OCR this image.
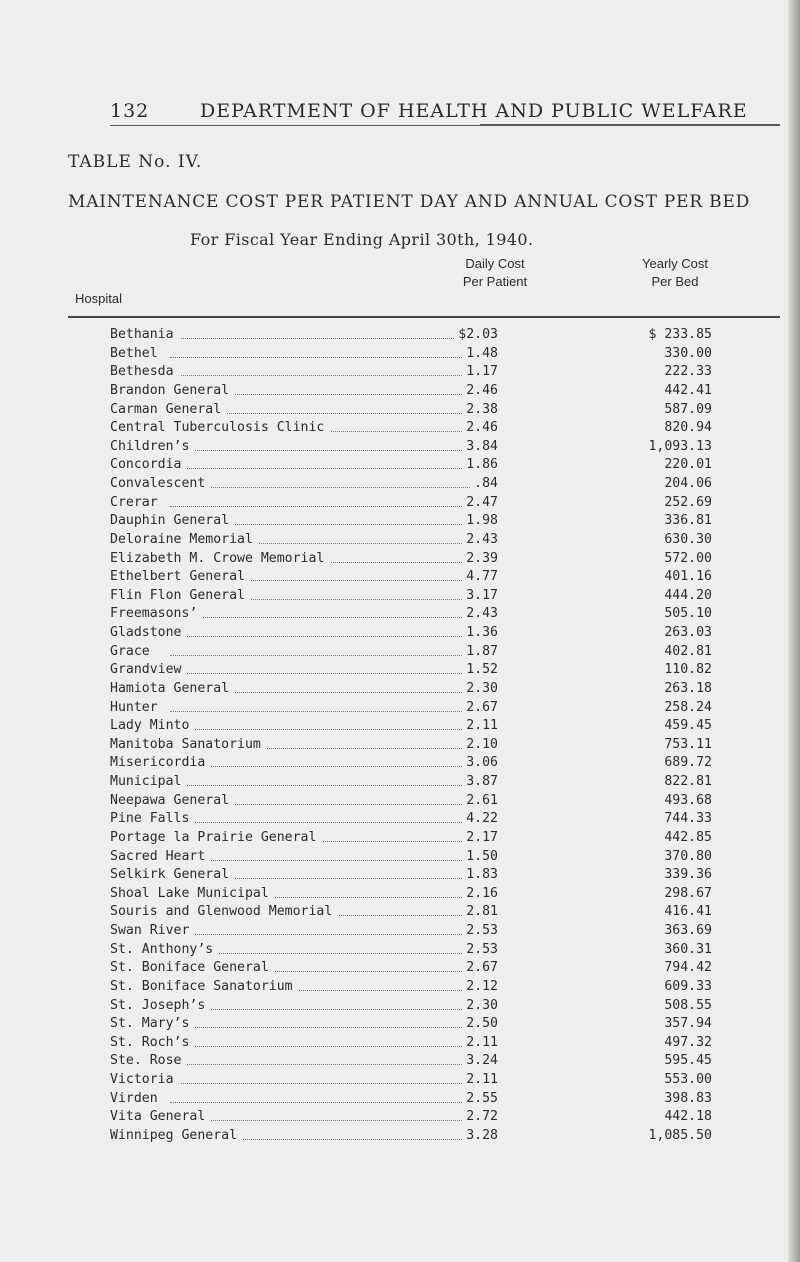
132	DEPARTMENT OF HEALTH AND PUBLIC WELFARE
TABLE No. IV.
MAINTENANCE COST PER PATIENT DAY AND ANNUAL COST PER BED
For Fiscal Year Ending April 30th, 1940.
Hospital
Daily Cost
Per Patient
Yearly Cost
Per Bed
Bethania	$2.03	$ 233.85
Bethel	1.48	330.00
Bethesda	1.17	222.33
Brandon General	2.46	442.41
Carman General	2.38	587.09
Central Tuberculosis Clinic	2.46	820.94
Children’s	3.84	1,093.13
Concordia	1.86	220.01
Convalescent	.84	204.06
Crerar	2.47	252.69
Dauphin General	1.98	336.81
Deloraine Memorial	2.43	630.30
Elizabeth M. Crowe Memorial	2.39	572.00
Ethelbert General	4.77	401.16
Flin Flon General	3.17	444.20
Freemasons’	2.43	505.10
Gladstone	1.36	263.03
Grace	1.87	402.81
Grandview	1.52	110.82
Hamiota General	2.30	263.18
Hunter	2.67	258.24
Lady Minto	2.11	459.45
Manitoba Sanatorium	2.10	753.11
Misericordia	3.06	689.72
Municipal	3.87	822.81
Neepawa General	2.61	493.68
Pine Falls	4.22	744.33
Portage la Prairie General	2.17	442.85
Sacred Heart	1.50	370.80
Selkirk General	1.83	339.36
Shoal Lake Municipal	2.16	298.67
Souris and Glenwood Memorial	2.81	416.41
Swan River	2.53	363.69
St. Anthony’s	2.53	360.31
St. Boniface General	2.67	794.42
St. Boniface Sanatorium	2.12	609.33
St. Joseph’s	2.30	508.55
St. Mary’s	2.50	357.94
St. Roch’s	2.11	497.32
Ste. Rose	3.24	595.45
Victoria	2.11	553.00
Virden	2.55	398.83
Vita General	2.72	442.18
Winnipeg General	3.28	1,085.50
